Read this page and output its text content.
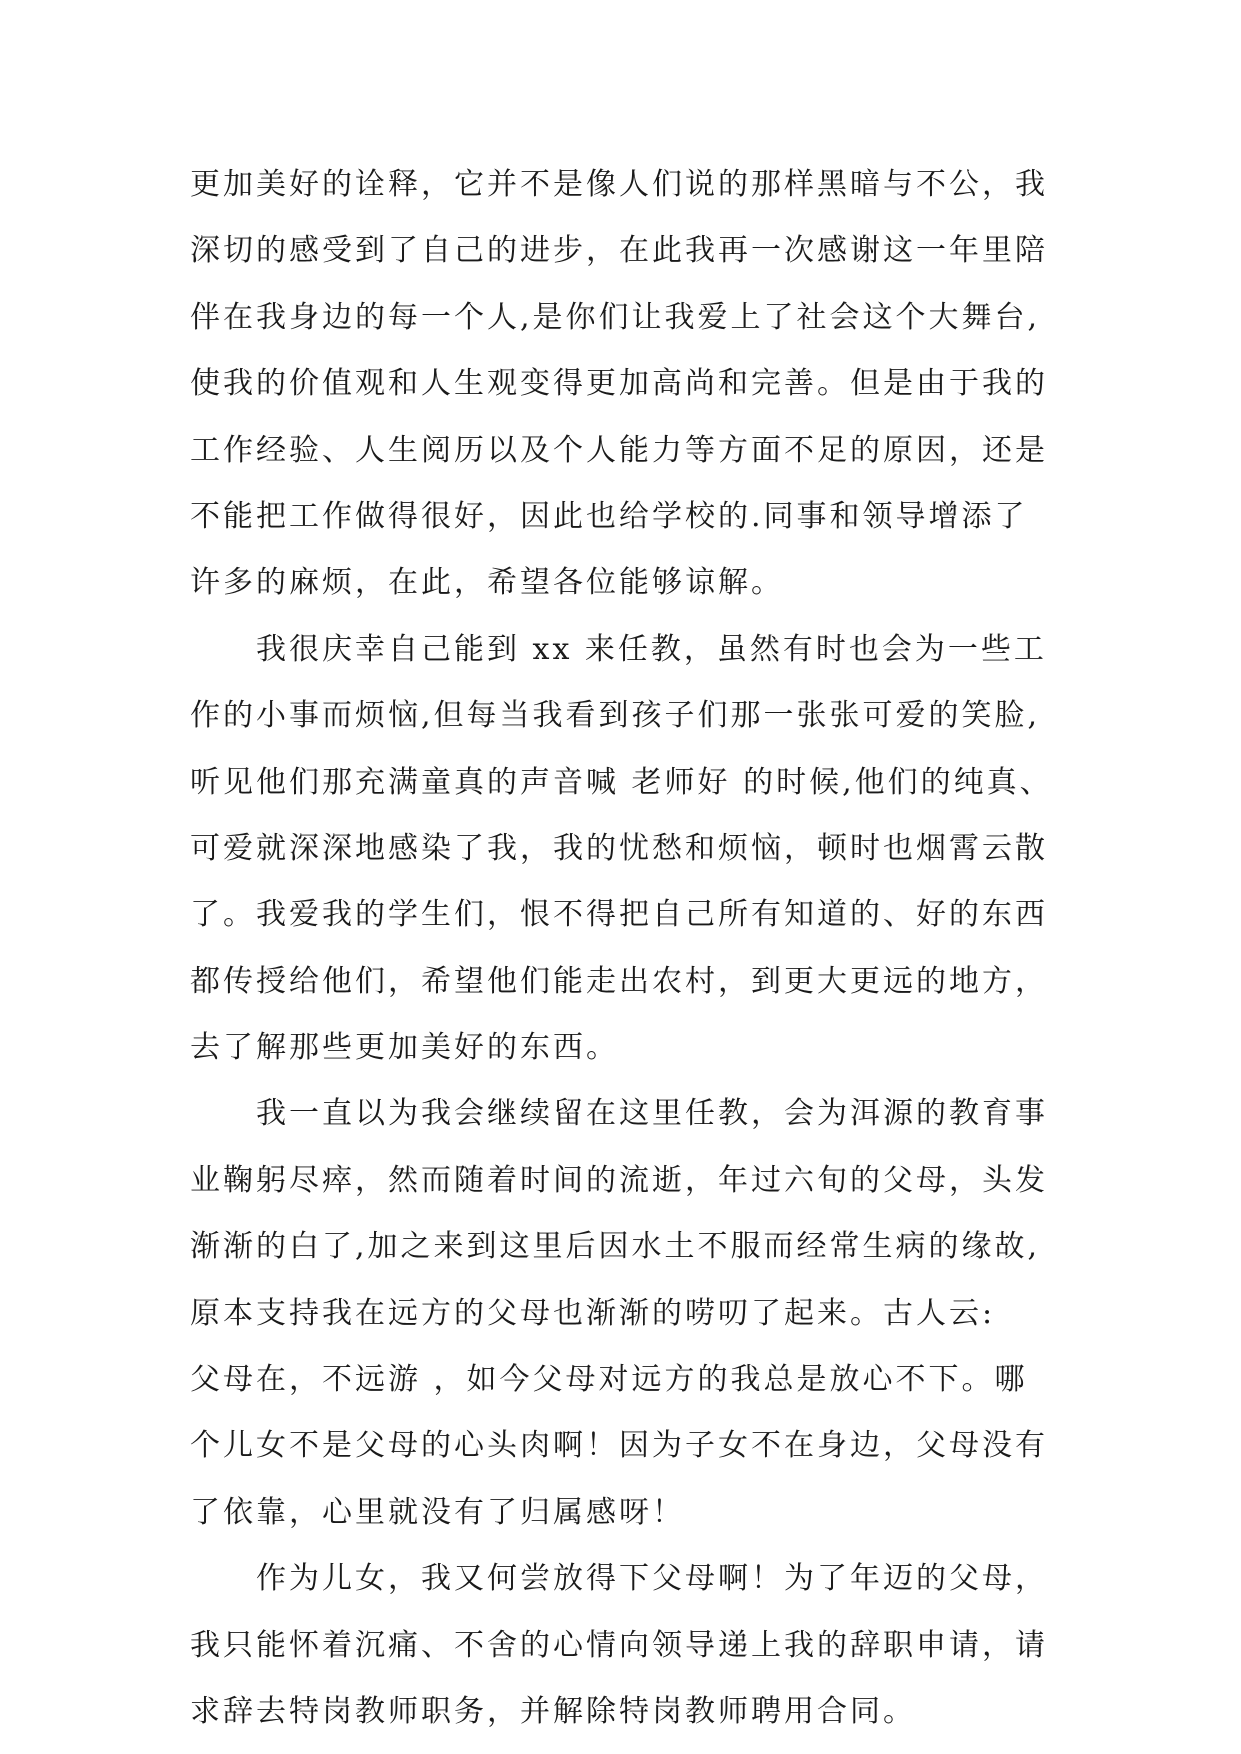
更加美好的诠释，它并不是像人们说的那样黑暗与不公，我
深切的感受到了自己的进步，在此我再一次感谢这一年里陪
伴在我身边的每一个人,是你们让我爱上了社会这个大舞台,
使我的价值观和人生观变得更加高尚和完善。但是由于我的
工作经验、人生阅历以及个人能力等方面不足的原因，还是
不能把工作做得很好，因此也给学校的.同事和领导增添了
许多的麻烦，在此，希望各位能够谅解。
我很庆幸自己能到 xx 来任教，虽然有时也会为一些工
作的小事而烦恼,但每当我看到孩子们那一张张可爱的笑脸,
听见他们那充满童真的声音喊 老师好 的时候,他们的纯真、
可爱就深深地感染了我，我的忧愁和烦恼，顿时也烟霄云散
了。我爱我的学生们，恨不得把自己所有知道的、好的东西
都传授给他们，希望他们能走出农村，到更大更远的地方，
去了解那些更加美好的东西。
我一直以为我会继续留在这里任教，会为洱源的教育事
业鞠躬尽瘁，然而随着时间的流逝，年过六旬的父母，头发
渐渐的白了,加之来到这里后因水土不服而经常生病的缘故,
原本支持我在远方的父母也渐渐的唠叨了起来。古人云:
父母在，不远游 ，如今父母对远方的我总是放心不下。哪
个儿女不是父母的心头肉啊！因为子女不在身边，父母没有
了依靠，心里就没有了归属感呀！
作为儿女，我又何尝放得下父母啊！为了年迈的父母，
我只能怀着沉痛、不舍的心情向领导递上我的辞职申请，请
求辞去特岗教师职务，并解除特岗教师聘用合同。
